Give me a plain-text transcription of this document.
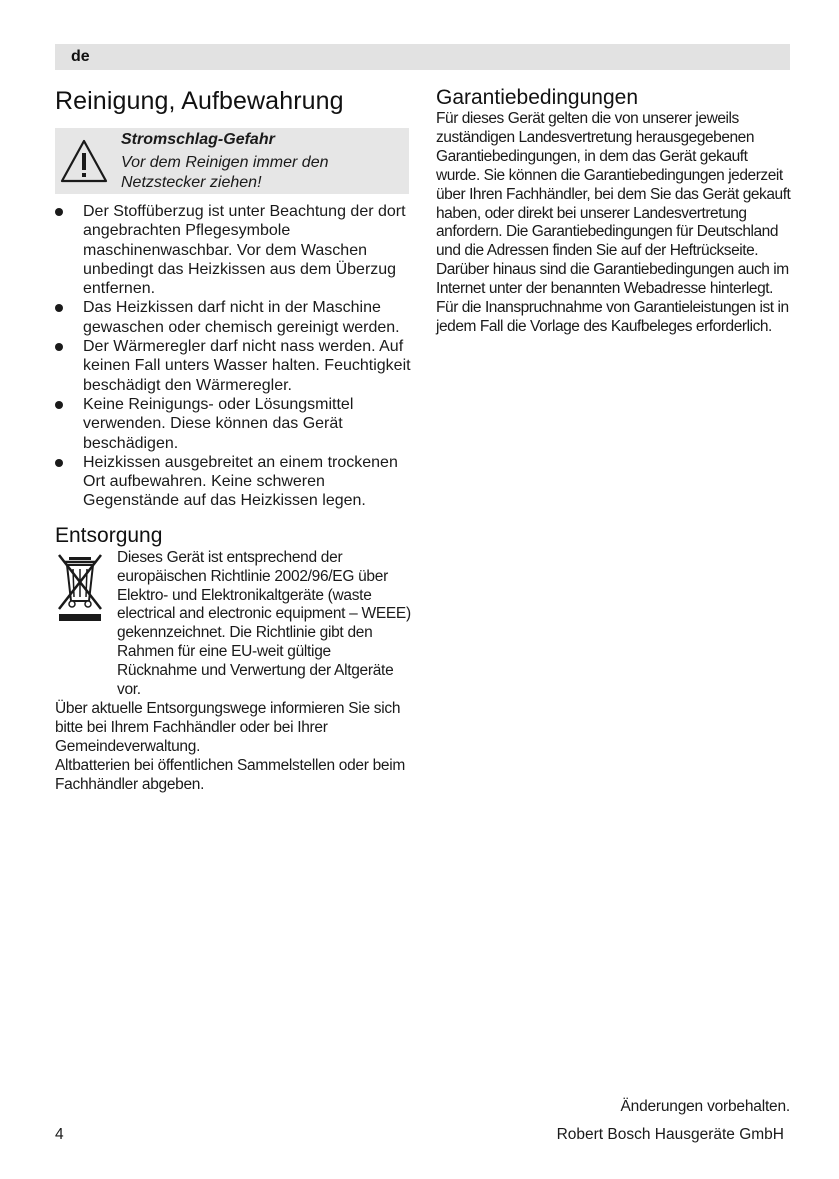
de
Reinigung, Aufbewahrung
Stromschlag-Gefahr
Vor dem Reinigen immer den Netzstecker ziehen!
Der Stoffüberzug ist unter Beachtung der dort angebrachten Pflegesymbole maschinenwaschbar. Vor dem Waschen unbedingt das Heizkissen aus dem Überzug entfernen.
Das Heizkissen darf nicht in der Maschine gewaschen oder chemisch gereinigt werden.
Der Wärmeregler darf nicht nass werden. Auf keinen Fall unters Wasser halten. Feuchtigkeit beschädigt den Wärmeregler.
Keine Reinigungs- oder Lösungsmittel verwenden. Diese können das Gerät beschädigen.
Heizkissen ausgebreitet an einem trockenen Ort aufbewahren. Keine schweren Gegenstände auf das Heizkissen legen.
Entsorgung
Dieses Gerät ist entsprechend der europäischen Richtlinie 2002/96/EG über Elektro- und Elektronikaltgeräte (waste electrical and electronic equipment – WEEE) gekennzeichnet. Die Richtlinie gibt den Rahmen für eine EU-weit gültige Rücknahme und Verwertung der Altgeräte vor.
Über aktuelle Entsorgungswege informieren Sie sich bitte bei Ihrem Fachhändler oder bei Ihrer Gemeindeverwaltung.
Altbatterien bei öffentlichen Sammelstellen oder beim Fachhändler abgeben.
Garantiebedingungen

Für dieses Gerät gelten die von unserer jeweils zuständigen Landesvertretung herausgegebenen Garantiebedingungen, in dem das Gerät gekauft wurde. Sie können die Garantiebedingungen jederzeit über Ihren Fachhändler, bei dem Sie das Gerät gekauft haben, oder direkt bei unserer Landesvertretung anfordern. Die Garantiebedingungen für Deutschland und die Adressen finden Sie auf der Heftrückseite. Darüber hinaus sind die Garantiebedingungen auch im Internet unter der benannten Webadresse hinterlegt.

Für die Inanspruchnahme von Garantieleistungen ist in jedem Fall die Vorlage des Kaufbeleges erforderlich.

Änderungen vorbehalten.
4	Robert Bosch Hausgeräte GmbH
